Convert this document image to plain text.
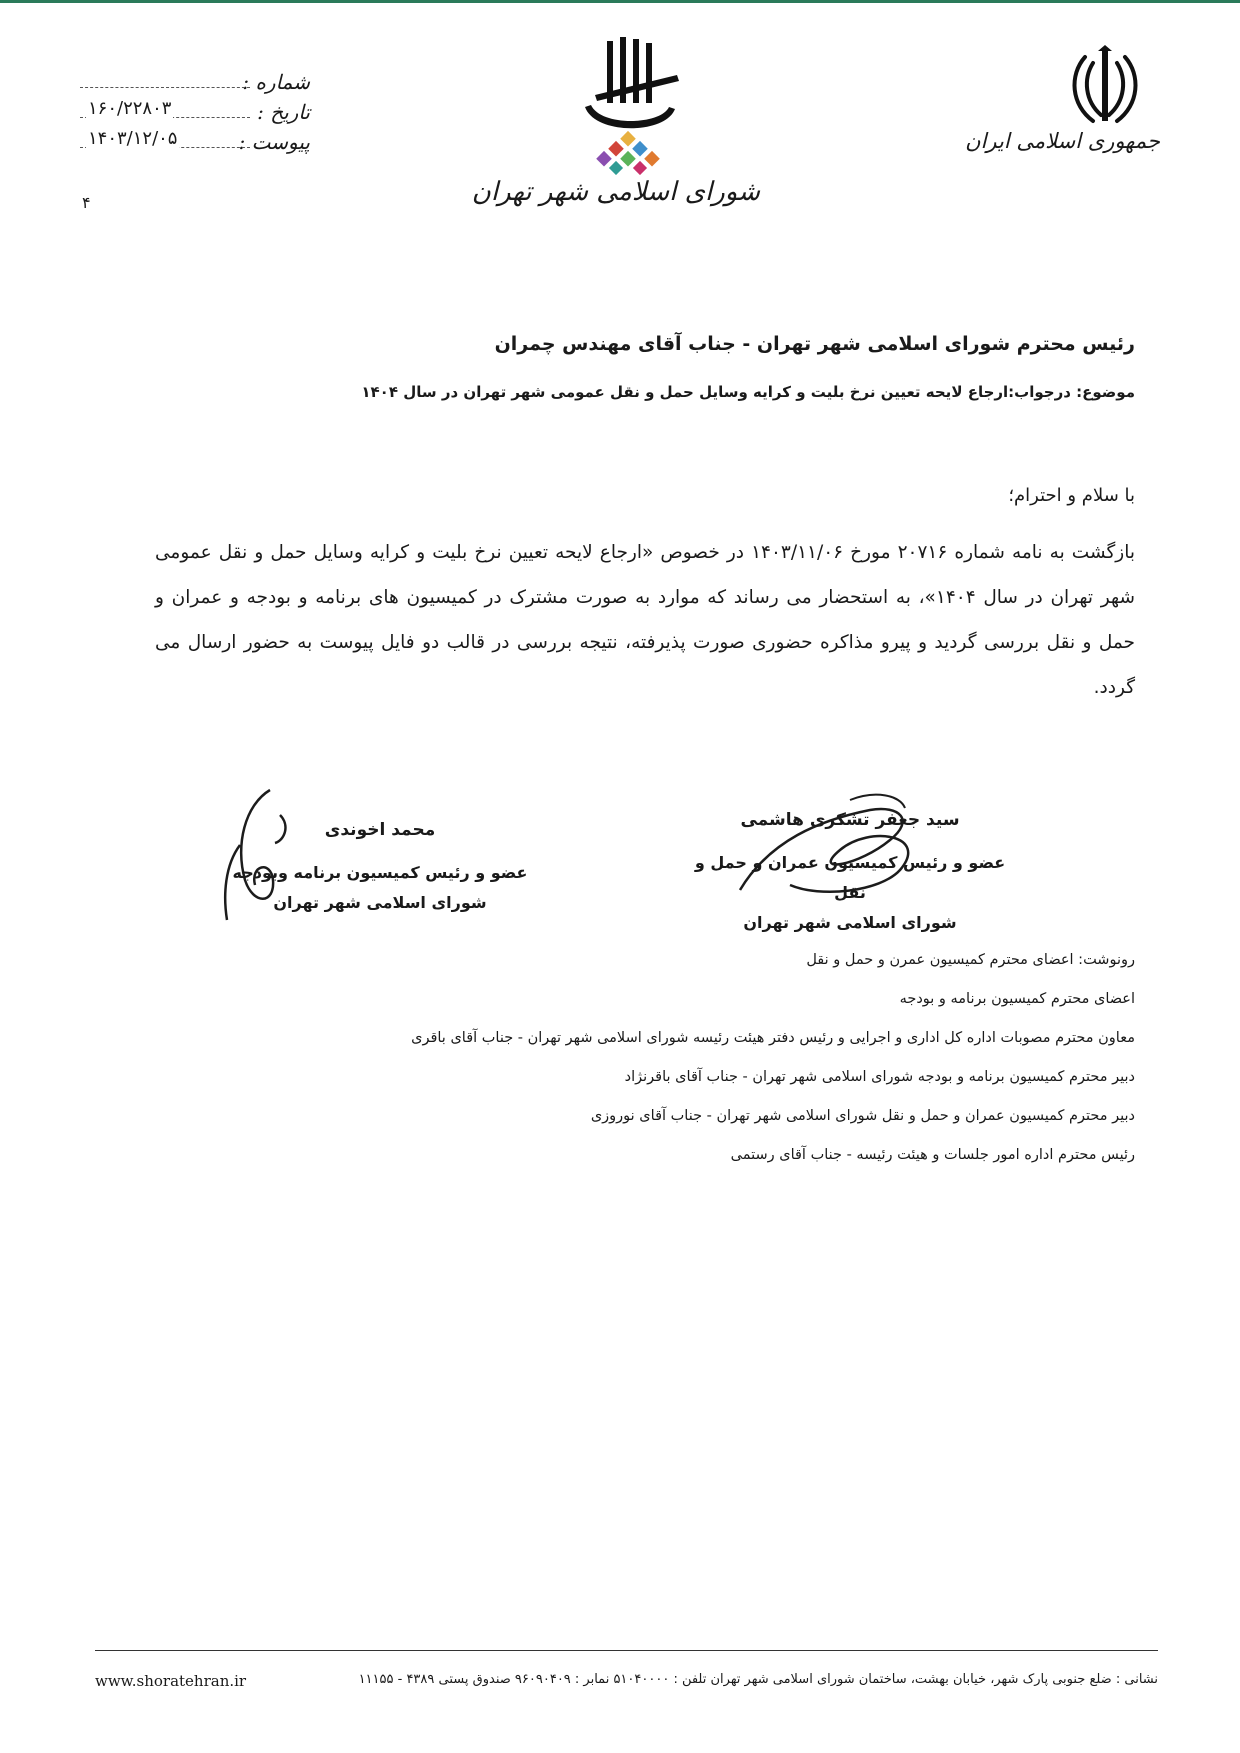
جمهوری اسلامی ایران
شورای اسلامی شهر تهران
شماره :
تاریخ :
۱۶۰/۲۲۸۰۳
پیوست :
۱۴۰۳/۱۲/۰۵
۴
رئیس محترم شورای اسلامی شهر تهران - جناب آقای مهندس چمران
موضوع: درجواب:ارجاع لایحه تعیین نرخ بلیت و کرایه وسایل حمل و نقل عمومی شهر تهران در سال ۱۴۰۴
با سلام و احترام؛
بازگشت به نامه شماره ۲۰۷۱۶ مورخ ۱۴۰۳/۱۱/۰۶ در خصوص «ارجاع لایحه تعیین نرخ بلیت و کرایه وسایل حمل و نقل عمومی شهر تهران در سال ۱۴۰۴»، به استحضار می رساند که موارد به صورت مشترک در کمیسیون های برنامه و بودجه و عمران و حمل و نقل بررسی گردید و پیرو مذاکره حضوری صورت پذیرفته، نتیجه بررسی در قالب دو فایل پیوست به حضور ارسال می گردد.
سید جعفر تشکری هاشمی
عضو و رئیس کمیسیون عمران و حمل و نقل
شورای اسلامی شهر تهران
محمد اخوندی
عضو و رئیس کمیسیون برنامه وبودجه
شورای اسلامی شهر تهران
رونوشت: اعضای محترم کمیسیون عمرن و حمل و نقل
اعضای محترم کمیسیون برنامه و بودجه
معاون محترم مصوبات اداره کل اداری و اجرایی و رئیس دفتر هیئت رئیسه شورای اسلامی شهر تهران - جناب آقای باقری
دبیر محترم کمیسیون برنامه و بودجه شورای اسلامی شهر تهران - جناب آقای باقرنژاد
دبیر محترم کمیسیون عمران و حمل و نقل شورای اسلامی شهر تهران - جناب آقای نوروزی
رئیس محترم اداره امور جلسات و هیئت رئیسه - جناب آقای رستمی
نشانی : ضلع جنوبی پارک شهر، خیابان بهشت، ساختمان شورای اسلامی شهر تهران تلفن : ۵۱۰۴۰۰۰۰ نمابر : ۹۶۰۹۰۴۰۹ صندوق پستی ۴۳۸۹ - ۱۱۱۵۵
www.shoratehran.ir
